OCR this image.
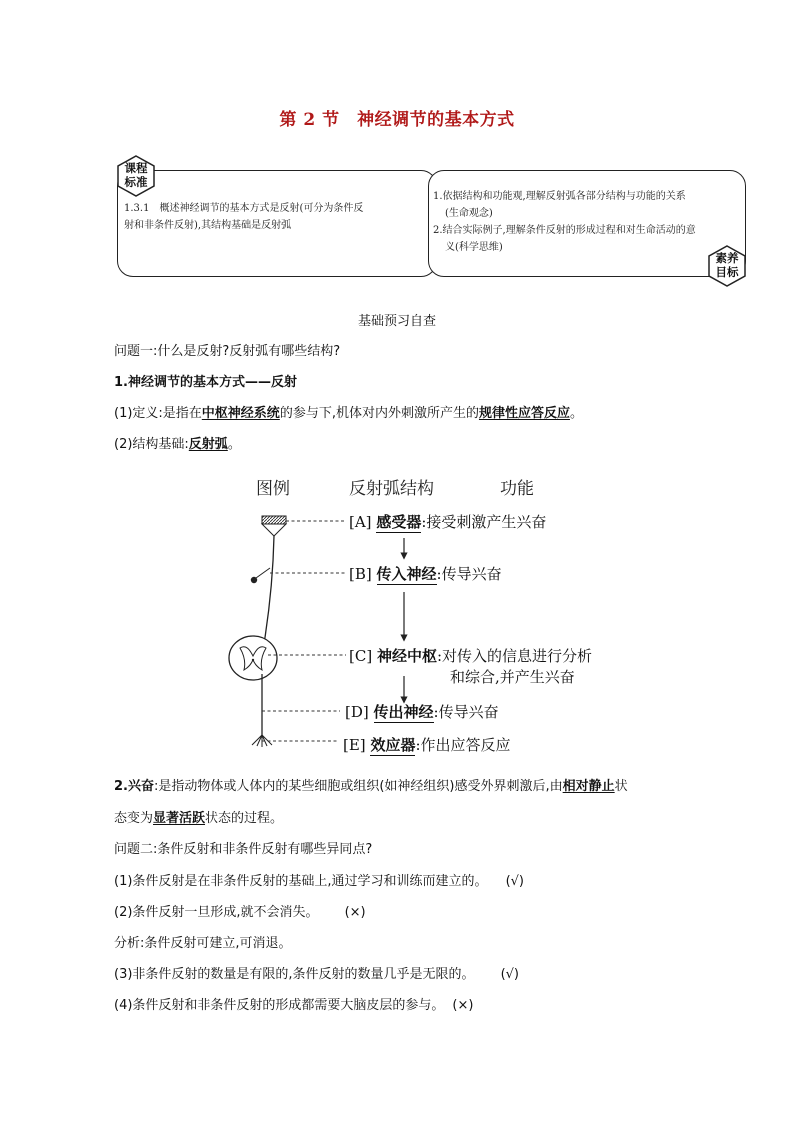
第 2 节　神经调节的基本方式
课程
标准
1.3.1　概述神经调节的基本方式是反射(可分为条件反
射和非条件反射),其结构基础是反射弧
1.依据结构和功能观,理解反射弧各部分结构与功能的关系
(生命观念)
2.结合实际例子,理解条件反射的形成过程和对生命活动的意
义(科学思维)
素养
目标
基础预习自查
问题一:什么是反射?反射弧有哪些结构?
1.神经调节的基本方式——反射
(1)定义:是指在中枢神经系统的参与下,机体对内外刺激所产生的规律性应答反应。
(2)结构基础:反射弧。
图例	反射弧结构	功能
[A] 感受器:接受刺激产生兴奋
[B] 传入神经:传导兴奋
[C] 神经中枢:对传入的信息进行分析
和综合,并产生兴奋
[D] 传出神经:传导兴奋
[E] 效应器:作出应答反应
2.兴奋:是指动物体或人体内的某些细胞或组织(如神经组织)感受外界刺激后,由相对静止状
态变为显著活跃状态的过程。
问题二:条件反射和非条件反射有哪些异同点?
(1)条件反射是在非条件反射的基础上,通过学习和训练而建立的。 (√)
(2)条件反射一旦形成,就不会消失。 (×)
分析:条件反射可建立,可消退。
(3)非条件反射的数量是有限的,条件反射的数量几乎是无限的。 (√)
(4)条件反射和非条件反射的形成都需要大脑皮层的参与。 (×)
